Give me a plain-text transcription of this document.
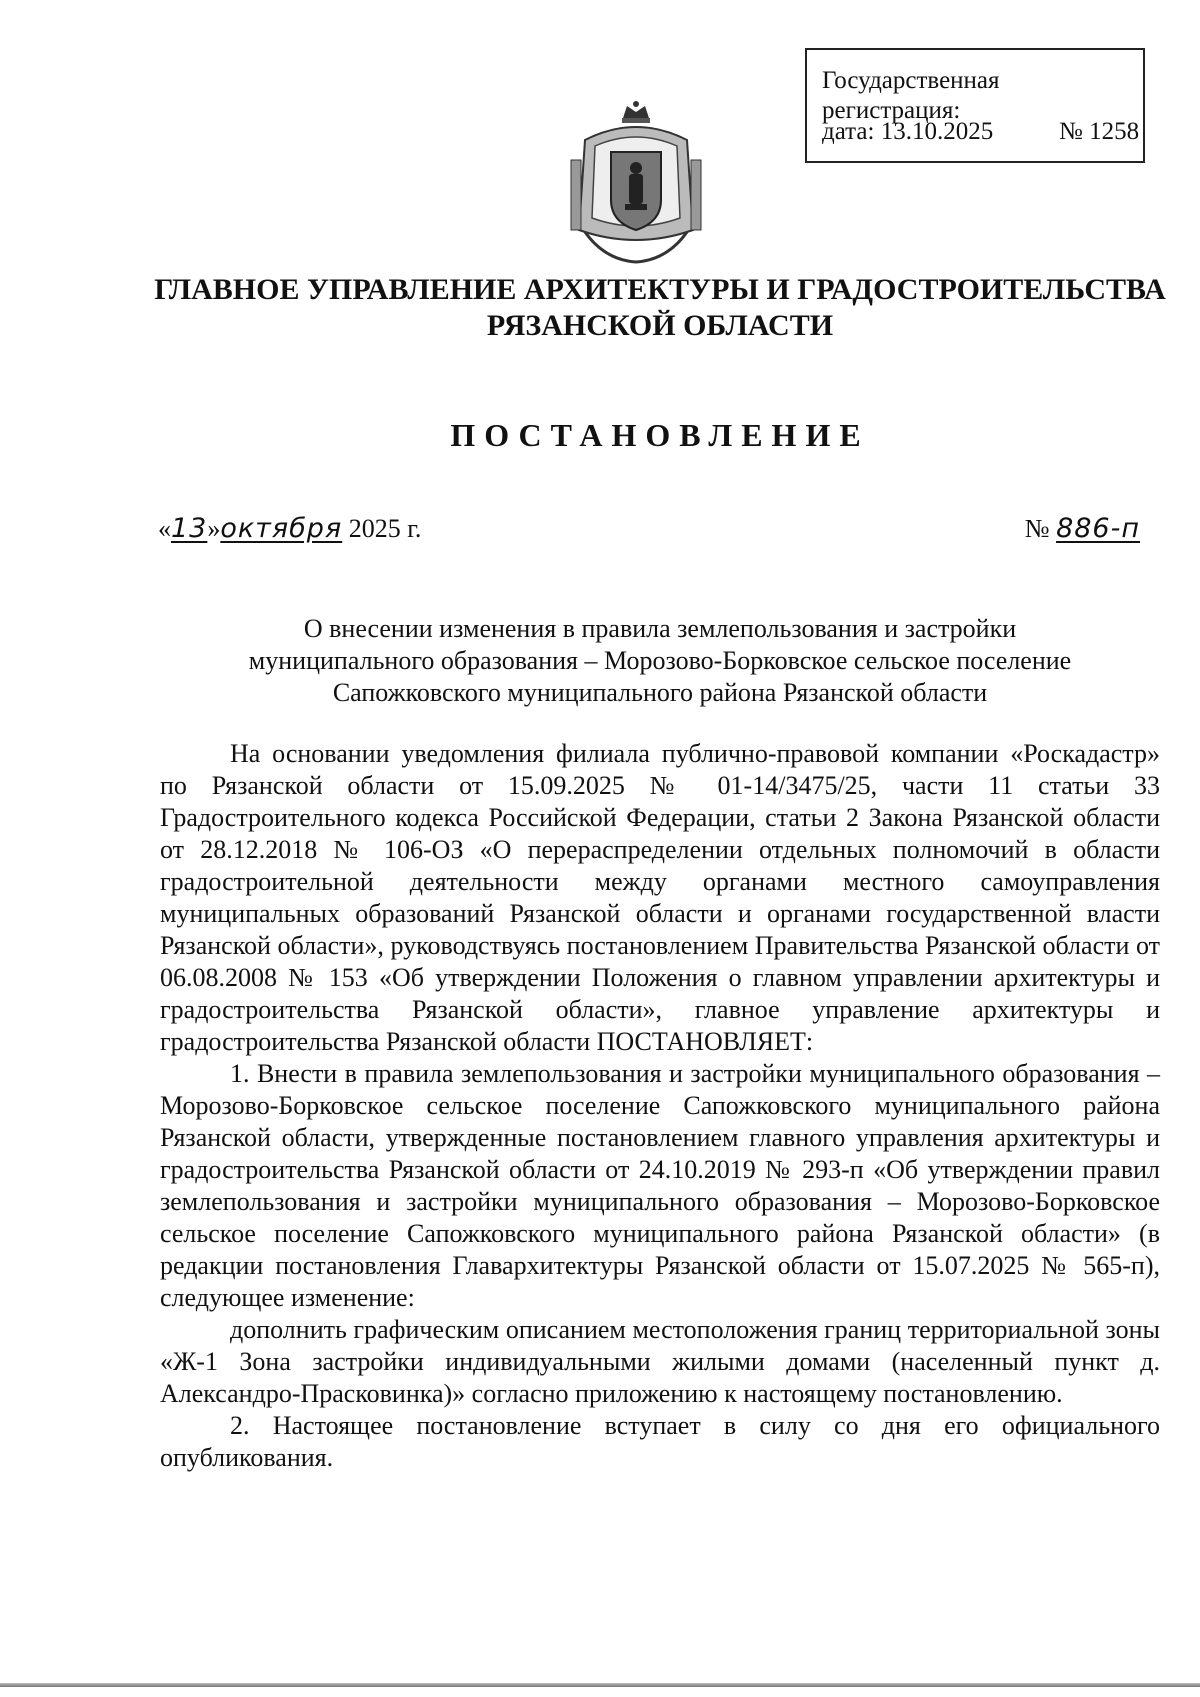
Государственная регистрация:
дата: 13.10.2025	№ 1258
ГЛАВНОЕ УПРАВЛЕНИЕ АРХИТЕКТУРЫ И ГРАДОСТРОИТЕЛЬСТВА
РЯЗАНСКОЙ ОБЛАСТИ
ПОСТАНОВЛЕНИЕ
«13»октября 2025 г.	№ 886-п
О внесении изменения в правила землепользования и застройки
муниципального образования – Морозово-Борковское сельское поселение
Сапожковского муниципального района Рязанской области

На основании уведомления филиала публично-правовой компании «Роскадастр» по Рязанской области от 15.09.2025 № 01-14/3475/25, части 11 статьи 33 Градостроительного кодекса Российской Федерации, статьи 2 Закона Рязанской области от 28.12.2018 № 106-ОЗ «О перераспределении отдельных полномочий в области градостроительной деятельности между органами местного самоуправления муниципальных образований Рязанской области и органами государственной власти Рязанской области», руководствуясь постановлением Правительства Рязанской области от 06.08.2008 № 153 «Об утверждении Положения о главном управлении архитектуры и градостроительства Рязанской области», главное управление архитектуры и градостроительства Рязанской области ПОСТАНОВЛЯЕТ:

1. Внести в правила землепользования и застройки муниципального образования – Морозово-Борковское сельское поселение Сапожковского муниципального района Рязанской области, утвержденные постановлением главного управления архитектуры и градостроительства Рязанской области от 24.10.2019 № 293-п «Об утверждении правил землепользования и застройки муниципального образования – Морозово-Борковское сельское поселение Сапожковского муниципального района Рязанской области» (в редакции постановления Главархитектуры Рязанской области от 15.07.2025 № 565-п), следующее изменение:

дополнить графическим описанием местоположения границ территориальной зоны «Ж-1 Зона застройки индивидуальными жилыми домами (населенный пункт д. Александро-Прасковинка)» согласно приложению к настоящему постановлению.

2. Настоящее постановление вступает в силу со дня его официального опубликования.
